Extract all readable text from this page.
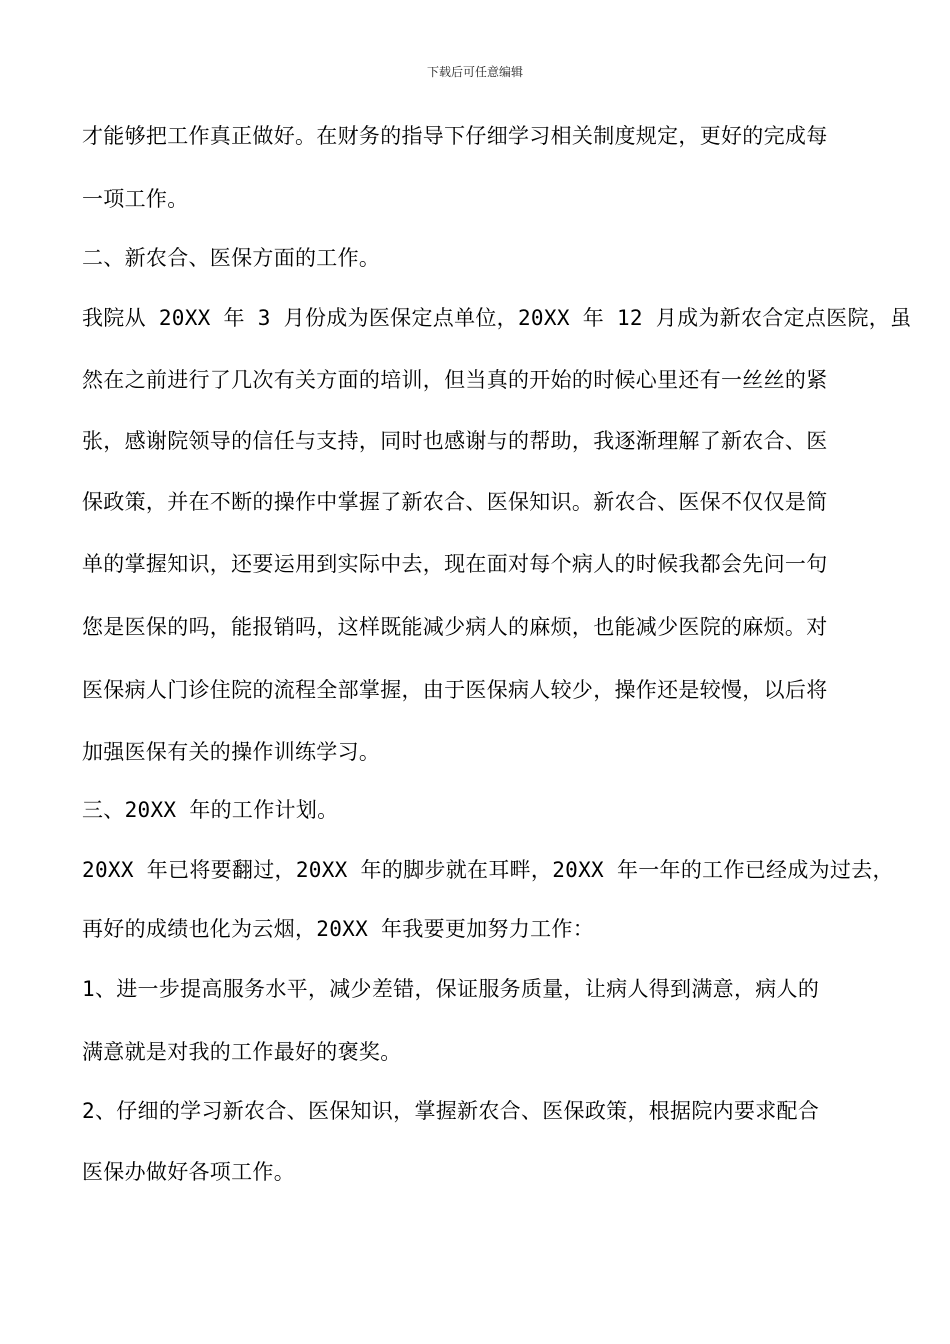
下载后可任意编辑
才能够把工作真正做好。在财务的指导下仔细学习相关制度规定，更好的完成每
一项工作。
二、新农合、医保方面的工作。
我院从 20XX 年 3 月份成为医保定点单位，20XX 年 12 月成为新农合定点医院，虽
然在之前进行了几次有关方面的培训，但当真的开始的时候心里还有一丝丝的紧
张，感谢院领导的信任与支持，同时也感谢与的帮助，我逐渐理解了新农合、医
保政策，并在不断的操作中掌握了新农合、医保知识。新农合、医保不仅仅是简
单的掌握知识，还要运用到实际中去，现在面对每个病人的时候我都会先问一句
您是医保的吗，能报销吗，这样既能减少病人的麻烦，也能减少医院的麻烦。对
医保病人门诊住院的流程全部掌握，由于医保病人较少，操作还是较慢，以后将
加强医保有关的操作训练学习。
三、20XX 年的工作计划。
20XX 年已将要翻过，20XX 年的脚步就在耳畔，20XX 年一年的工作已经成为过去，
再好的成绩也化为云烟，20XX 年我要更加努力工作：
1、进一步提高服务水平，减少差错，保证服务质量，让病人得到满意，病人的
满意就是对我的工作最好的褒奖。
2、仔细的学习新农合、医保知识，掌握新农合、医保政策，根据院内要求配合
医保办做好各项工作。
